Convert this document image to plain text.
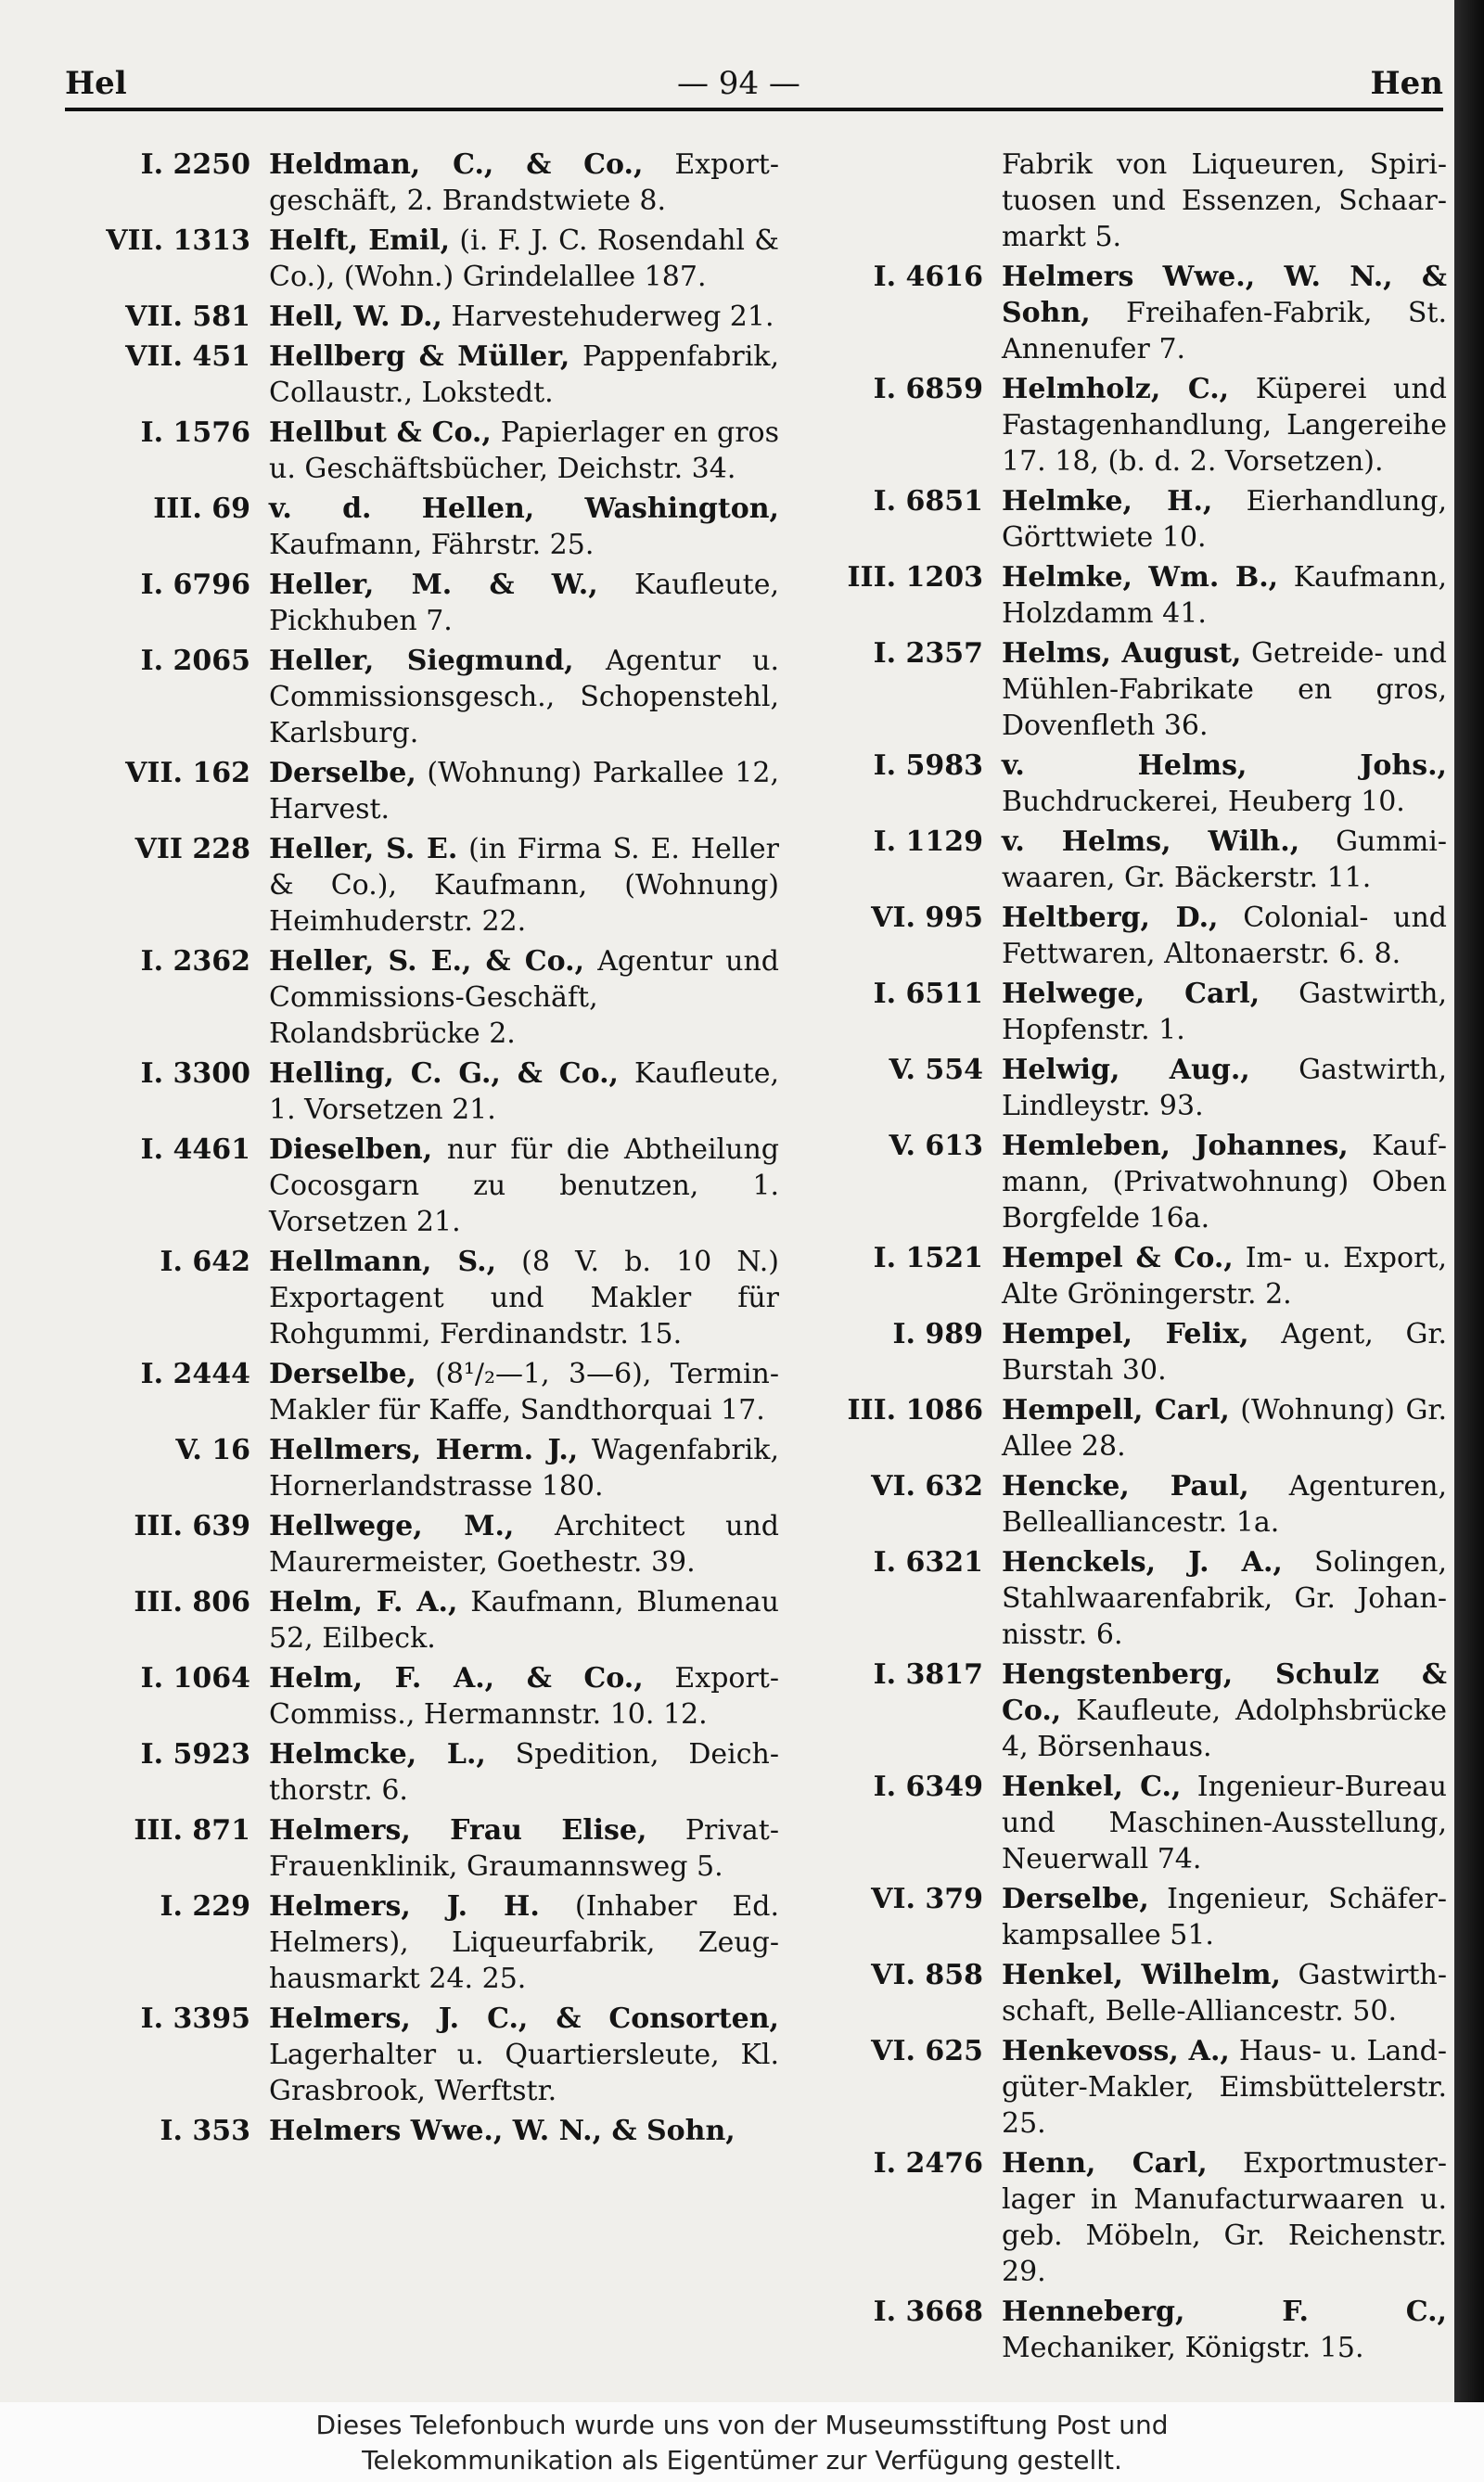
Hel	— 94 —	Hen
I. 2250 Heldman, C., & Co., Exportgeschäft, 2. Brandstwiete 8.
VII. 1313 Helft, Emil, (i. F. J. C. Rosendahl & Co.), (Wohn.) Grindelallee 187.
VII. 581 Hell, W. D., Harvestehuderweg 21.
VII. 451 Hellberg & Müller, Pappenfabrik, Collaustr., Lokstedt.
I. 1576 Hellbut & Co., Papierlager en gros u. Geschäftsbücher, Deichstr. 34.
III. 69 v. d. Hellen, Washington, Kaufmann, Fährstr. 25.
I. 6796 Heller, M. & W., Kaufleute, Pickhuben 7.
I. 2065 Heller, Siegmund, Agentur u. Commissionsgesch., Schopenstehl, Karlsburg.
VII. 162 Derselbe, (Wohnung) Parkallee 12, Harvest.
VII 228 Heller, S. E. (in Firma S. E. Heller & Co.), Kaufmann, (Wohnung) Heimhuderstr. 22.
I. 2362 Heller, S. E., & Co., Agentur und Commissions-Geschäft, Rolandsbrücke 2.
I. 3300 Helling, C. G., & Co., Kaufleute, 1. Vorsetzen 21.
I. 4461 Dieselben, nur für die Abtheilung Cocosgarn zu benutzen, 1. Vorsetzen 21.
I. 642 Hellmann, S., (8 V. b. 10 N.) Exportagent und Makler für Rohgummi, Ferdinandstr. 15.
I. 2444 Derselbe, (8¹/₂—1, 3—6), Termin-Makler für Kaffe, Sandthorquai 17.
V. 16 Hellmers, Herm. J., Wagenfabrik, Hornerlandstrasse 180.
III. 639 Hellwege, M., Architect und Maurermeister, Goethestr. 39.
III. 806 Helm, F. A., Kaufmann, Blumenau 52, Eilbeck.
I. 1064 Helm, F. A., & Co., Export-Commiss., Hermannstr. 10. 12.
I. 5923 Helmcke, L., Spedition, Deichthorstr. 6.
III. 871 Helmers, Frau Elise, Privat-Frauenklinik, Graumannsweg 5.
I. 229 Helmers, J. H. (Inhaber Ed. Helmers), Liqueurfabrik, Zeughausmarkt 24. 25.
I. 3395 Helmers, J. C., & Consorten, Lagerhalter u. Quartiersleute, Kl. Grasbrook, Werftstr.
I. 353 Helmers Wwe., W. N., & Sohn,
Fabrik von Liqueuren, Spirituosen und Essenzen, Schaarmarkt 5.
I. 4616 Helmers Wwe., W. N., & Sohn, Freihafen-Fabrik, St. Annenufer 7.
I. 6859 Helmholz, C., Küperei und Fastagenhandlung, Langereihe 17. 18, (b. d. 2. Vorsetzen).
I. 6851 Helmke, H., Eierhandlung, Görttwiete 10.
III. 1203 Helmke, Wm. B., Kaufmann, Holzdamm 41.
I. 2357 Helms, August, Getreide- und Mühlen-Fabrikate en gros, Dovenfleth 36.
I. 5983 v. Helms, Johs., Buchdruckerei, Heuberg 10.
I. 1129 v. Helms, Wilh., Gummiwaaren, Gr. Bäckerstr. 11.
VI. 995 Heltberg, D., Colonial- und Fettwaren, Altonaerstr. 6. 8.
I. 6511 Helwege, Carl, Gastwirth, Hopfenstr. 1.
V. 554 Helwig, Aug., Gastwirth, Lindleystr. 93.
V. 613 Hemleben, Johannes, Kaufmann, (Privatwohnung) Oben Borgfelde 16a.
I. 1521 Hempel & Co., Im- u. Export, Alte Gröningerstr. 2.
I. 989 Hempel, Felix, Agent, Gr. Burstah 30.
III. 1086 Hempell, Carl, (Wohnung) Gr. Allee 28.
VI. 632 Hencke, Paul, Agenturen, Bellealliancestr. 1a.
I. 6321 Henckels, J. A., Solingen, Stahlwaarenfabrik, Gr. Johannisstr. 6.
I. 3817 Hengstenberg, Schulz & Co., Kaufleute, Adolphsbrücke 4, Börsenhaus.
I. 6349 Henkel, C., Ingenieur-Bureau und Maschinen-Ausstellung, Neuerwall 74.
VI. 379 Derselbe, Ingenieur, Schäferkampsallee 51.
VI. 858 Henkel, Wilhelm, Gastwirthschaft, Belle-Alliancestr. 50.
VI. 625 Henkevoss, A., Haus- u. Landgüter-Makler, Eimsbüttelerstr. 25.
I. 2476 Henn, Carl, Exportmusterlager in Manufacturwaaren u. geb. Möbeln, Gr. Reichenstr. 29.
I. 3668 Henneberg, F. C., Mechaniker, Königstr. 15.
Dieses Telefonbuch wurde uns von der Museumsstiftung Post und
Telekommunikation als Eigentümer zur Verfügung gestellt.
